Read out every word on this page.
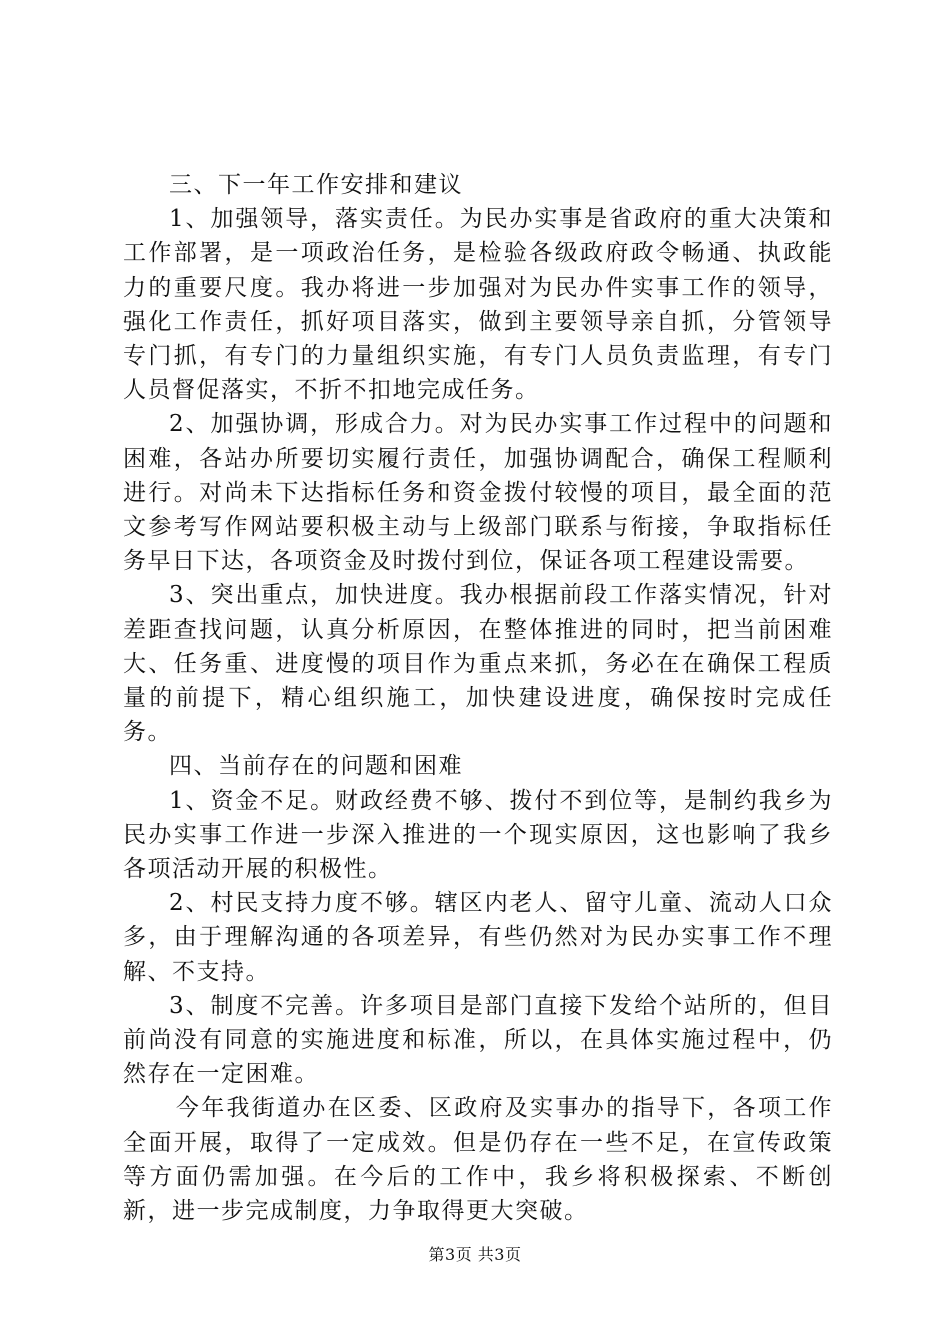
三、下一年工作安排和建议

1、加强领导，落实责任。为民办实事是省政府的重大决策和工作部署，是一项政治任务，是检验各级政府政令畅通、执政能力的重要尺度。我办将进一步加强对为民办件实事工作的领导，强化工作责任，抓好项目落实，做到主要领导亲自抓，分管领导专门抓，有专门的力量组织实施，有专门人员负责监理，有专门人员督促落实，不折不扣地完成任务。

2、加强协调，形成合力。对为民办实事工作过程中的问题和困难，各站办所要切实履行责任，加强协调配合，确保工程顺利进行。对尚未下达指标任务和资金拨付较慢的项目，最全面的范文参考写作网站要积极主动与上级部门联系与衔接，争取指标任务早日下达，各项资金及时拨付到位，保证各项工程建设需要。

3、突出重点，加快进度。我办根据前段工作落实情况，针对差距查找问题，认真分析原因，在整体推进的同时，把当前困难大、任务重、进度慢的项目作为重点来抓，务必在在确保工程质量的前提下，精心组织施工，加快建设进度，确保按时完成任务。

四、当前存在的问题和困难

1、资金不足。财政经费不够、拨付不到位等，是制约我乡为民办实事工作进一步深入推进的一个现实原因，这也影响了我乡各项活动开展的积极性。

2、村民支持力度不够。辖区内老人、留守儿童、流动人口众多，由于理解沟通的各项差异，有些仍然对为民办实事工作不理解、不支持。

3、制度不完善。许多项目是部门直接下发给个站所的，但目前尚没有同意的实施进度和标准，所以，在具体实施过程中，仍然存在一定困难。

今年我街道办在区委、区政府及实事办的指导下，各项工作全面开展，取得了一定成效。但是仍存在一些不足，在宣传政策等方面仍需加强。在今后的工作中，我乡将积极探索、不断创新，进一步完成制度，力争取得更大突破。

第3页 共3页
